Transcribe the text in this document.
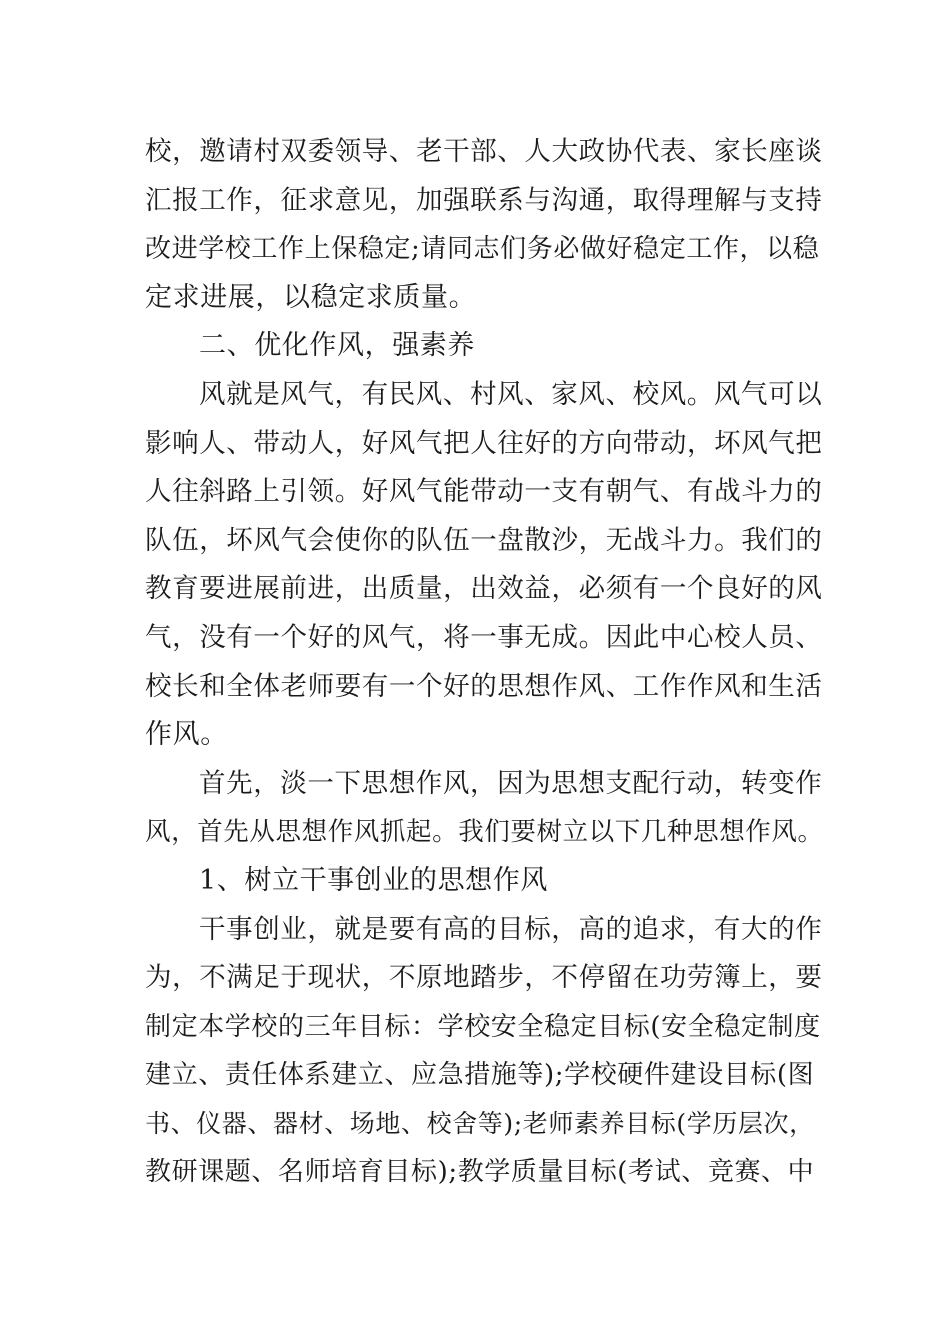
校，邀请村双委领导、老干部、人大政协代表、家长座谈
汇报工作，征求意见，加强联系与沟通，取得理解与支持
改进学校工作上保稳定;请同志们务必做好稳定工作，以稳
定求进展，以稳定求质量。
二、优化作风，强素养
风就是风气，有民风、村风、家风、校风。风气可以
影响人、带动人，好风气把人往好的方向带动，坏风气把
人往斜路上引领。好风气能带动一支有朝气、有战斗力的
队伍，坏风气会使你的队伍一盘散沙，无战斗力。我们的
教育要进展前进，出质量，出效益，必须有一个良好的风
气，没有一个好的风气，将一事无成。因此中心校人员、
校长和全体老师要有一个好的思想作风、工作作风和生活
作风。
首先，淡一下思想作风，因为思想支配行动，转变作
风，首先从思想作风抓起。我们要树立以下几种思想作风。
1、树立干事创业的思想作风
干事创业，就是要有高的目标，高的追求，有大的作
为，不满足于现状，不原地踏步，不停留在功劳簿上，要
制定本学校的三年目标：学校安全稳定目标(安全稳定制度
建立、责任体系建立、应急措施等);学校硬件建设目标(图
书、仪器、器材、场地、校舍等);老师素养目标(学历层次，
教研课题、名师培育目标);教学质量目标(考试、竞赛、中
